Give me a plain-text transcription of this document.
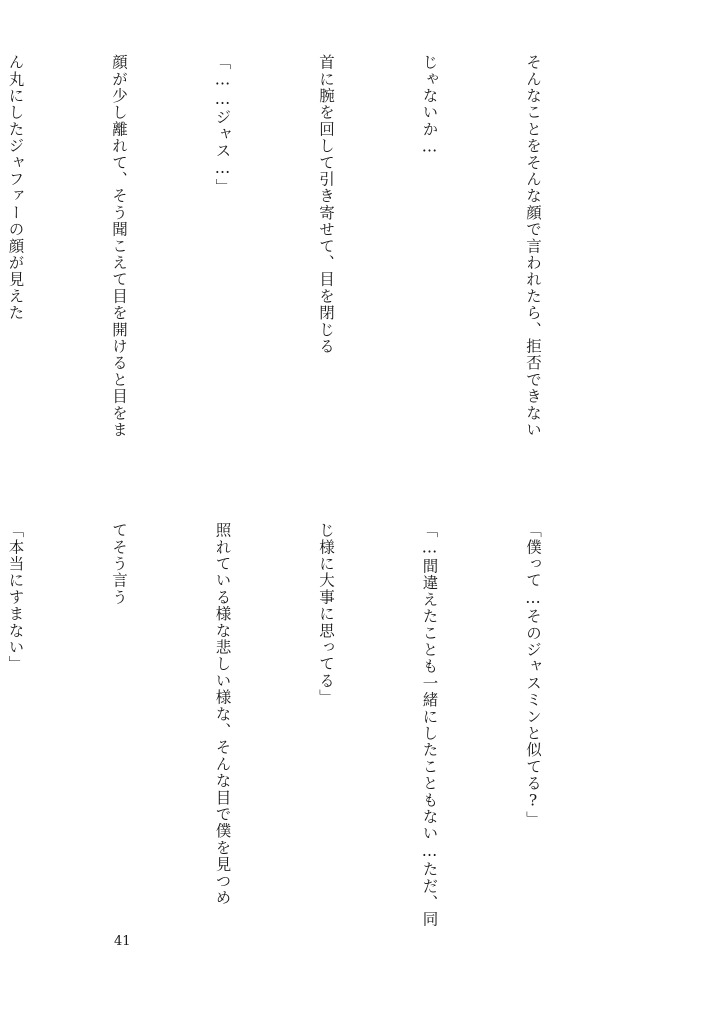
そんなことをそんな顔で言われたら、拒否できない

じゃないか…

首に腕を回して引き寄せて、目を閉じる

「……ジャス…」

顔が少し離れて、そう聞こえて目を開けると目をま

ん丸にしたジャファーの顔が見えた

「僕って…そのジャスミンと似てる?」

「…間違えたことも一緒にしたこともない…ただ、同

じ様に大事に思ってる」

照れている様な悲しい様な、そんな目で僕を見つめ

てそう言う

「本当にすまない」

41
